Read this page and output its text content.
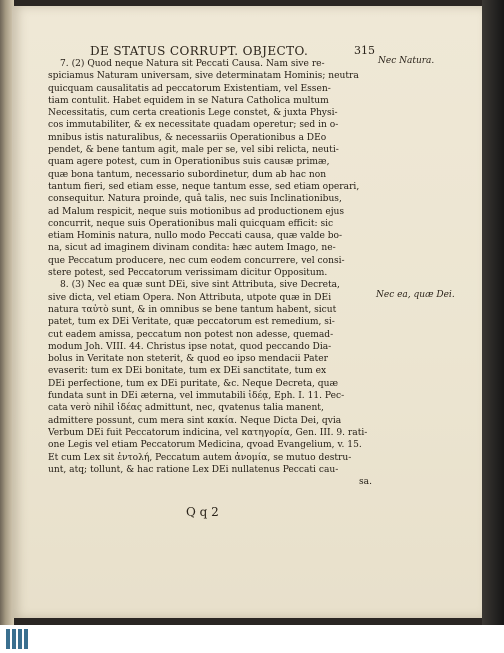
DE STATUS CORRUPT. OBJECTO.	315
Nec Natura.
Nec ea, quæ Dei.
7. (2) Quod neque Natura sit Peccati Causa. Nam sive re-
spiciamus Naturam universam, sive determinatam Hominis; neutra
quicquam causalitatis ad peccatorum Existentiam, vel Essen-
tiam contulit. Habet equidem in se Natura Catholica multum
Necessitatis, cum certa creationis Lege constet, & juxta Physi-
cos immutabiliter, & ex necessitate quadam operetur; sed in o-
mnibus istis naturalibus, & necessariis Operationibus a DEo
pendet, & bene tantum agit, male per se, vel sibi relicta, neuti-
quam agere potest, cum in Operationibus suis causæ primæ,
quæ bona tantum, necessario subordinetur, dum ab hac non
tantum fieri, sed etiam esse, neque tantum esse, sed etiam operari,
consequitur. Natura proinde, quâ talis, nec suis Inclinationibus,
ad Malum respicit, neque suis motionibus ad productionem ejus
concurrit, neque suis Operationibus mali quicquam efficit: sic
etiam Hominis natura, nullo modo Peccati causa, quæ valde bo-
na, sicut ad imaginem divinam condita: hæc autem Imago, ne-
que Peccatum producere, nec cum eodem concurrere, vel consi-
stere potest, sed Peccatorum verissimam dicitur Oppositum.
8. (3) Nec ea quæ sunt DEi, sive sint Attributa, sive Decreta,
sive dicta, vel etiam Opera. Non Attributa, utpote quæ in DEi
natura ταὐτὸ sunt, & in omnibus se bene tantum habent, sicut
patet, tum ex DEi Veritate, quæ peccatorum est remedium, si-
cut eadem amissa, peccatum non potest non adesse, quemad-
modum Joh. VIII. 44. Christus ipse notat, quod peccando Dia-
bolus in Veritate non steterit, & quod eo ipso mendacii Pater
evaserit: tum ex DEi bonitate, tum ex DEi sanctitate, tum ex
DEi perfectione, tum ex DEi puritate, &c. Neque Decreta, quæ
fundata sunt in DEi æterna, vel immutabili ἰδέᾳ, Eph. I. 11. Pec-
cata verò nihil ἰδέας admittunt, nec, qvatenus talia manent,
admittere possunt, cum mera sint κακία. Neque Dicta Dei, qvia
Verbum DEi fuit Peccatorum indicina, vel κατηγορία, Gen. III. 9. rati-
one Legis vel etiam Peccatorum Medicina, qvoad Evangelium, v. 15.
Et cum Lex sit ἐντολή, Peccatum autem ἀνομία, se mutuo destru-
unt, atq; tollunt, & hac ratione Lex DEi nullatenus Peccati cau-
sa.
Q q 2
